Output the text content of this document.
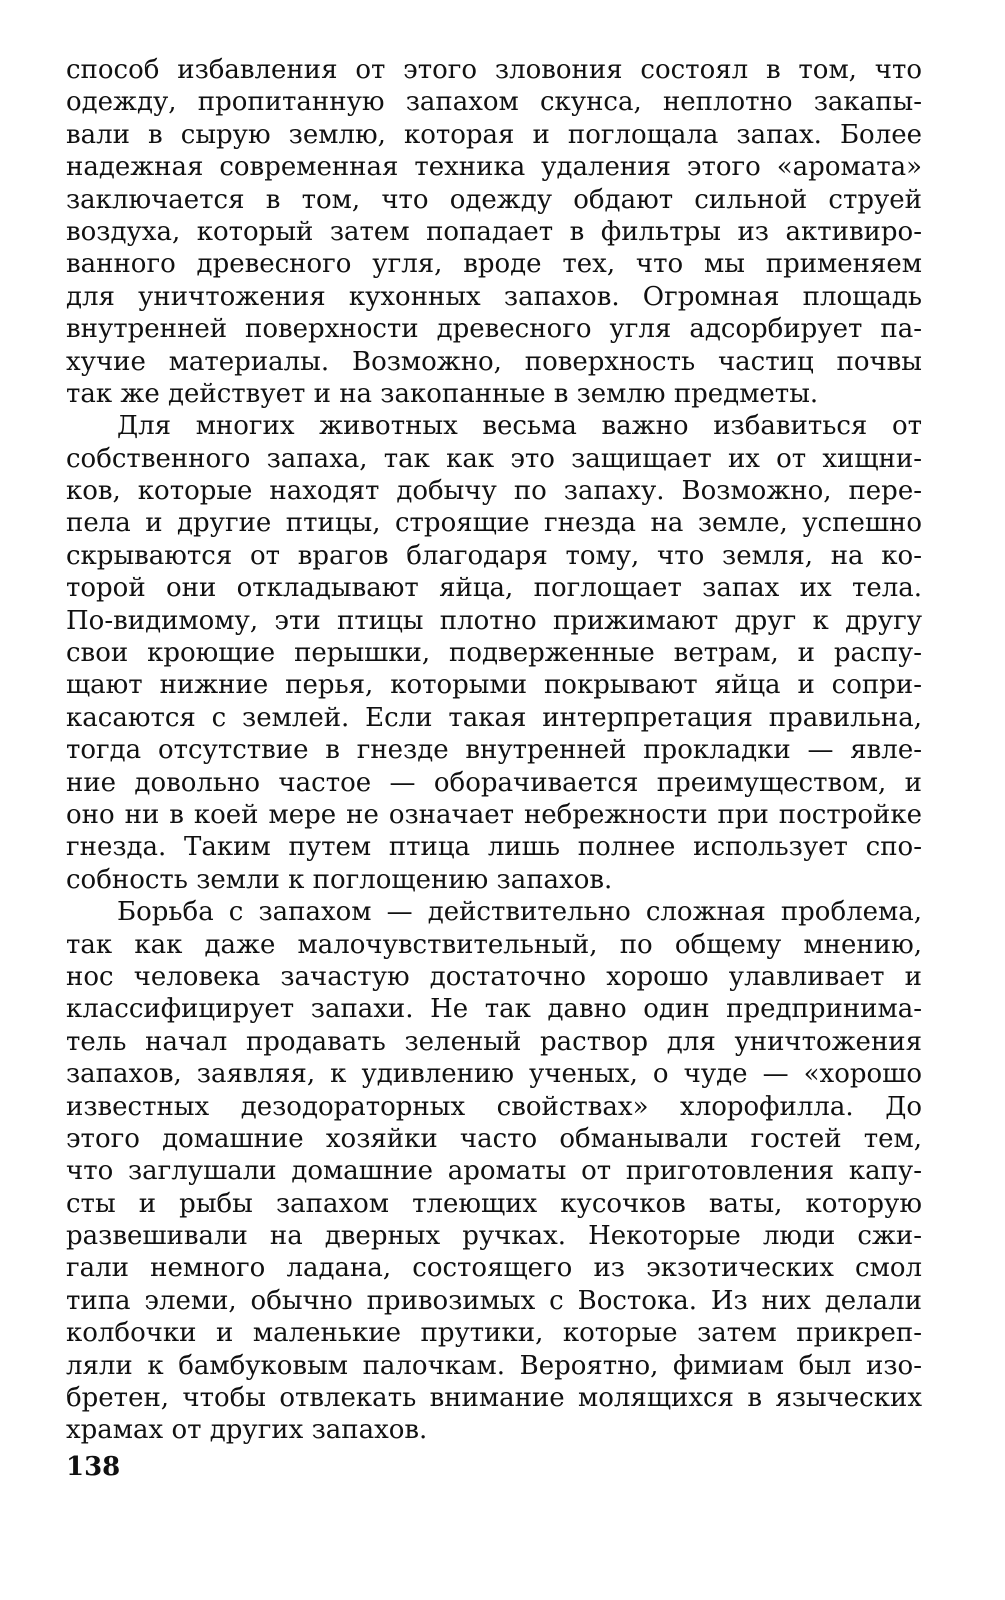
способ избавления от этого зловония состоял в том, что
одежду, пропитанную запахом скунса, неплотно закапы-
вали в сырую землю, которая и поглощала запах. Более
надежная современная техника удаления этого «аромата»
заключается в том, что одежду обдают сильной струей
воздуха, который затем попадает в фильтры из активиро-
ванного древесного угля, вроде тех, что мы применяем
для уничтожения кухонных запахов. Огромная площадь
внутренней поверхности древесного угля адсорбирует па-
хучие материалы. Возможно, поверхность частиц почвы
так же действует и на закопанные в землю предметы.
Для многих животных весьма важно избавиться от
собственного запаха, так как это защищает их от хищни-
ков, которые находят добычу по запаху. Возможно, пере-
пела и другие птицы, строящие гнезда на земле, успешно
скрываются от врагов благодаря тому, что земля, на ко-
торой они откладывают яйца, поглощает запах их тела.
По-видимому, эти птицы плотно прижимают друг к другу
свои кроющие перышки, подверженные ветрам, и распу-
щают нижние перья, которыми покрывают яйца и сопри-
касаются с землей. Если такая интерпретация правильна,
тогда отсутствие в гнезде внутренней прокладки — явле-
ние довольно частое — оборачивается преимуществом, и
оно ни в коей мере не означает небрежности при постройке
гнезда. Таким путем птица лишь полнее использует спо-
собность земли к поглощению запахов.
Борьба с запахом — действительно сложная проблема,
так как даже малочувствительный, по общему мнению,
нос человека зачастую достаточно хорошо улавливает и
классифицирует запахи. Не так давно один предпринима-
тель начал продавать зеленый раствор для уничтожения
запахов, заявляя, к удивлению ученых, о чуде — «хорошо
известных дезодораторных свойствах» хлорофилла. До
этого домашние хозяйки часто обманывали гостей тем,
что заглушали домашние ароматы от приготовления капу-
сты и рыбы запахом тлеющих кусочков ваты, которую
развешивали на дверных ручках. Некоторые люди сжи-
гали немного ладана, состоящего из экзотических смол
типа элеми, обычно привозимых с Востока. Из них делали
колбочки и маленькие прутики, которые затем прикреп-
ляли к бамбуковым палочкам. Вероятно, фимиам был изо-
бретен, чтобы отвлекать внимание молящихся в языческих
храмах от других запахов.
138
